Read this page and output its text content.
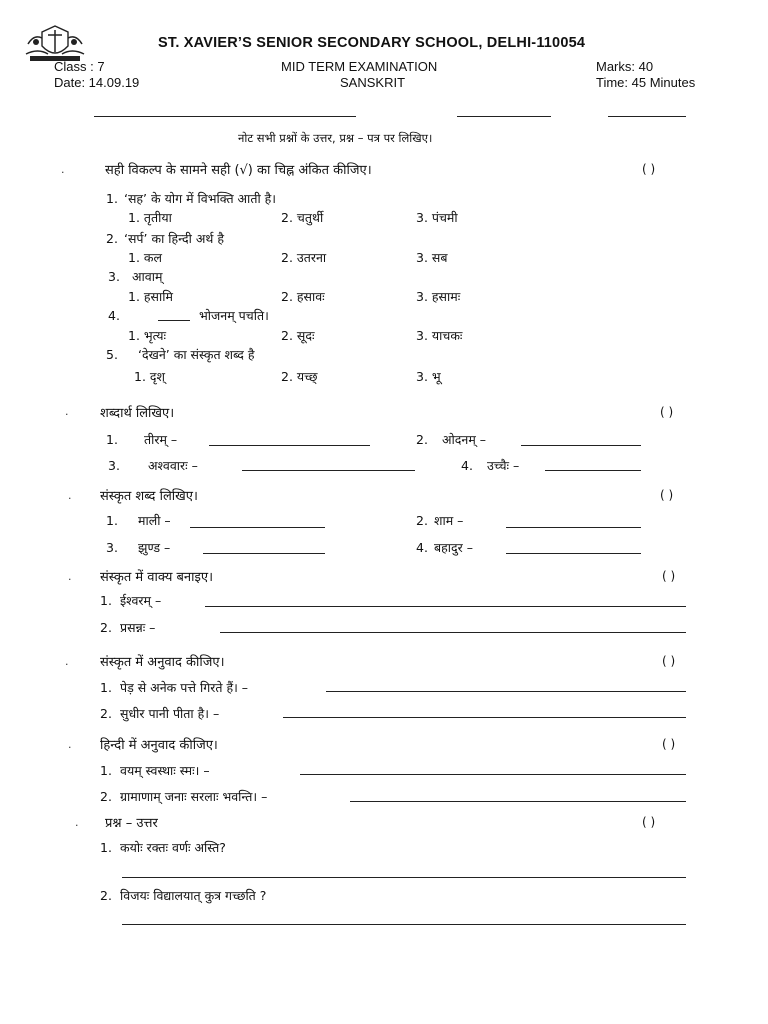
ST. XAVIER’S SENIOR SECONDARY SCHOOL, DELHI-110054
Class : 7
Date: 14.09.19
MID TERM EXAMINATION
SANSKRIT
Marks: 40
Time: 45 Minutes
नोट सभी प्रश्नों के उत्तर, प्रश्न – पत्र पर लिखिए।
.	सही विकल्प के सामने सही (√) का चिह्न अंकित कीजिए।	( )
1. ‘सह’ के योग में विभक्ति आती है।
1. तृतीया	2. चतुर्थी	3. पंचमी
2. ‘सर्प’ का हिन्दी अर्थ है
1. कल	2. उतरना	3. सब
3. आवाम्
1. हसामि	2. हसावः	3. हसामः
4.	भोजनम् पचति।
1. भृत्यः	2. सूदः	3. याचकः
5. ‘देखने’ का संस्कृत शब्द है
1. दृश्	2. यच्छ्	3. भू
. शब्दार्थ लिखिए।	( )
1. तीरम् –	2. ओदनम् –
3. अश्ववारः –	4. उच्चैः –
. संस्कृत शब्द लिखिए।	( )
1. माली –	2. शाम –
3. झुण्ड –	4. बहादुर –
. संस्कृत में वाक्य बनाइए।	( )
1. ईश्वरम् –
2. प्रसन्नः –
. संस्कृत में अनुवाद कीजिए।	( )
1. पेड़ से अनेक पत्ते गिरते हैं। –
2. सुधीर पानी पीता है। –
. हिन्दी में अनुवाद कीजिए।	( )
1. वयम् स्वस्थाः स्मः। –
2. ग्रामाणाम् जनाः सरलाः भवन्ति। –
. प्रश्न – उत्तर	( )
1. कयोः रक्तः वर्णः अस्ति?
2. विजयः विद्यालयात् कुत्र गच्छति ?
